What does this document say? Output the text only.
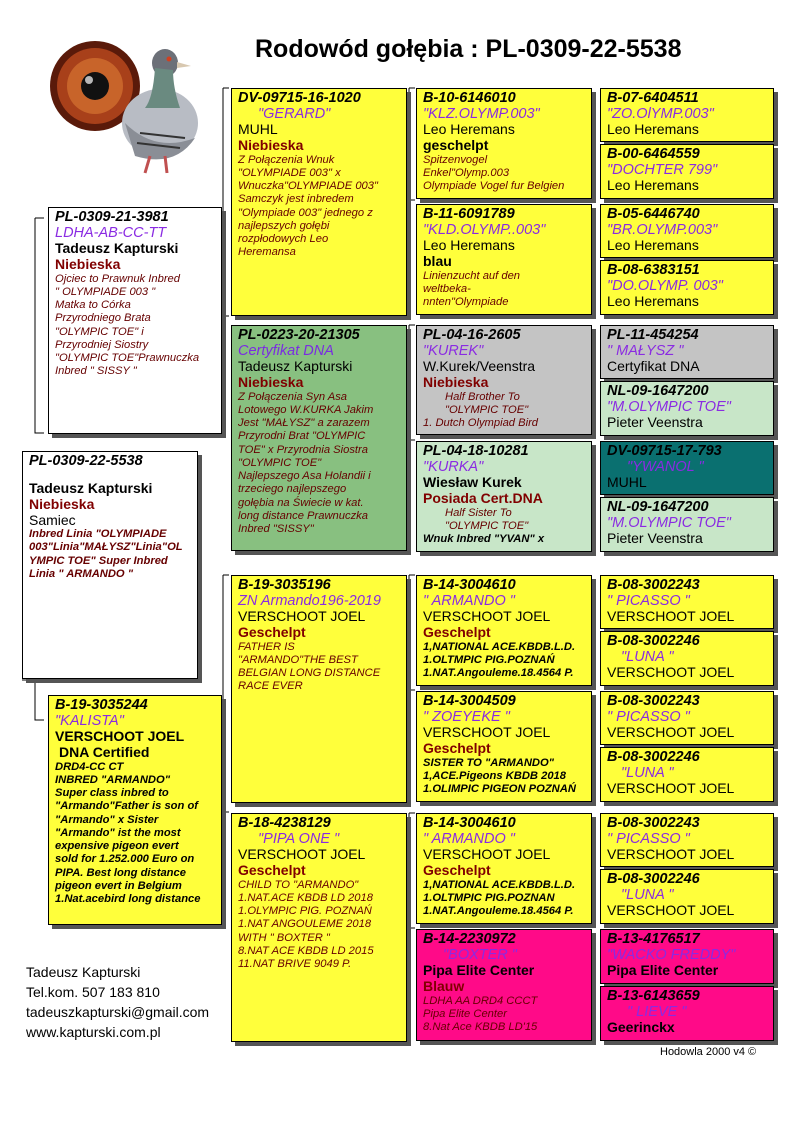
Rodowód gołębia : PL-0309-22-5538
PL-0309-22-5538
Tadeusz Kapturski
Niebieska
Samiec
Inbred Linia "OLYMPIADE
003"Linia"MAŁYSZ"Linia"OL
YMPIC TOE" Super Inbred
Linia " ARMANDO "
PL-0309-21-3981
LDHA-AB-CC-TT
Tadeusz Kapturski
Niebieska
Ojciec to Prawnuk Inbred
" OLYMPIADE 003 "
Matka to Córka
Przyrodniego Brata
"OLYMPIC TOE" i
Przyrodniej Siostry
"OLYMPIC TOE"Prawnuczka
Inbred " SISSY "
B-19-3035244
"KALISTA"
VERSCHOOT JOEL
DNA Certified
DRD4-CC CT
INBRED "ARMANDO"
Super class inbred to
"Armando"Father is son of
"Armando" x Sister
"Armando" ist the most
expensive pigeon evert
sold for 1.252.000 Euro on
PIPA. Best long distance
pigeon evert in Belgium
1.Nat.acebird long distance
DV-09715-16-1020
"GERARD"
MUHL
Niebieska
Z Połączenia Wnuk
"OLYMPIADE 003" x
Wnuczka"OLYMPIADE 003"
Samczyk jest inbredem
"Olympiade 003" jednego z
najlepszych gołębi
rozpłodowych Leo
Heremansa
PL-0223-20-21305
Certyfikat DNA
Tadeusz Kapturski
Niebieska
Z Połączenia Syn Asa
Lotowego W.KURKA Jakim
Jest "MAŁYSZ" a zarazem
Przyrodni Brat "OLYMPIC
TOE" x Przyrodnia Siostra
"OLYMPIC TOE"
Najlepszego Asa Holandii i
trzeciego najlepszego
gołębia na Świecie w kat.
long distance Prawnuczka
Inbred "SISSY"
B-19-3035196
ZN Armando196-2019
VERSCHOOT JOEL
Geschelpt
FATHER IS
"ARMANDO"THE BEST
BELGIAN LONG DISTANCE
RACE EVER
B-18-4238129
"PIPA ONE "
VERSCHOOT JOEL
Geschelpt
CHILD TO "ARMANDO"
1.NAT.ACE KBDB LD 2018
1.OLYMPIC PIG. POZNAŃ
1.NAT ANGOULEME 2018
WITH " BOXTER "
8.NAT ACE KBDB LD 2015
11.NAT BRIVE 9049 P.
B-10-6146010
"KLZ.OLYMP.003"
Leo Heremans
geschelpt
Spitzenvogel
Enkel"Olymp.003
Olympiade Vogel fur Belgien
B-11-6091789
"KLD.OLYMP..003"
Leo Heremans
blau
Linienzucht auf den
weltbeka-
nnten"Olympiade
PL-04-16-2605
"KUREK"
W.Kurek/Veenstra
Niebieska
Half Brother To
"OLYMPIC TOE"
1. Dutch Olympiad Bird
PL-04-18-10281
"KURKA"
Wiesław Kurek
Posiada Cert.DNA
Half Sister To
"OLYMPIC TOE"
Wnuk Inbred "YVAN" x
B-14-3004610
" ARMANDO "
VERSCHOOT JOEL
Geschelpt
1,NATIONAL ACE.KBDB.L.D.
1.OLTMPIC PIG.POZNAŃ
1.NAT.Angouleme.18.4564 P.
B-14-3004509
" ZOEYEKE "
VERSCHOOT JOEL
Geschelpt
SISTER TO "ARMANDO"
1,ACE.Pigeons KBDB 2018
1.OLIMPIC PIGEON POZNAŃ
B-14-3004610
" ARMANDO "
VERSCHOOT JOEL
Geschelpt
1,NATIONAL ACE.KBDB.L.D.
1.OLTMPIC PIG.POZNAN
1.NAT.Angouleme.18.4564 P.
B-14-2230972
"BOXTER "
Pipa Elite Center
Blauw
LDHA AA DRD4 CCCT
Pipa Elite Center
8.Nat Ace KBDB LD'15
B-07-6404511
"ZO.OlYMP.003"
Leo Heremans
B-00-6464559
"DOCHTER 799"
Leo Heremans
B-05-6446740
"BR.OLYMP.003"
Leo Heremans
B-08-6383151
"DO.OLYMP. 003"
Leo Heremans
PL-11-454254
" MAŁYSZ "
Certyfikat DNA
NL-09-1647200
"M.OLYMPIC TOE"
Pieter Veenstra
DV-09715-17-793
"YWANOL "
MUHL
NL-09-1647200
"M.OLYMPIC TOE"
Pieter Veenstra
B-08-3002243
" PICASSO "
VERSCHOOT JOEL
B-08-3002246
"LUNA "
VERSCHOOT JOEL
B-08-3002243
" PICASSO "
VERSCHOOT JOEL
B-08-3002246
"LUNA "
VERSCHOOT JOEL
B-08-3002243
" PICASSO "
VERSCHOOT JOEL
B-08-3002246
"LUNA "
VERSCHOOT JOEL
B-13-4176517
"WACKO FREDDY"
Pipa Elite Center
B-13-6143659
" LIEVE "
Geerinckx
Tadeusz Kapturski
Tel.kom. 507 183 810
tadeuszkapturski@gmail.com
www.kapturski.com.pl
Hodowla 2000 v4 ©
